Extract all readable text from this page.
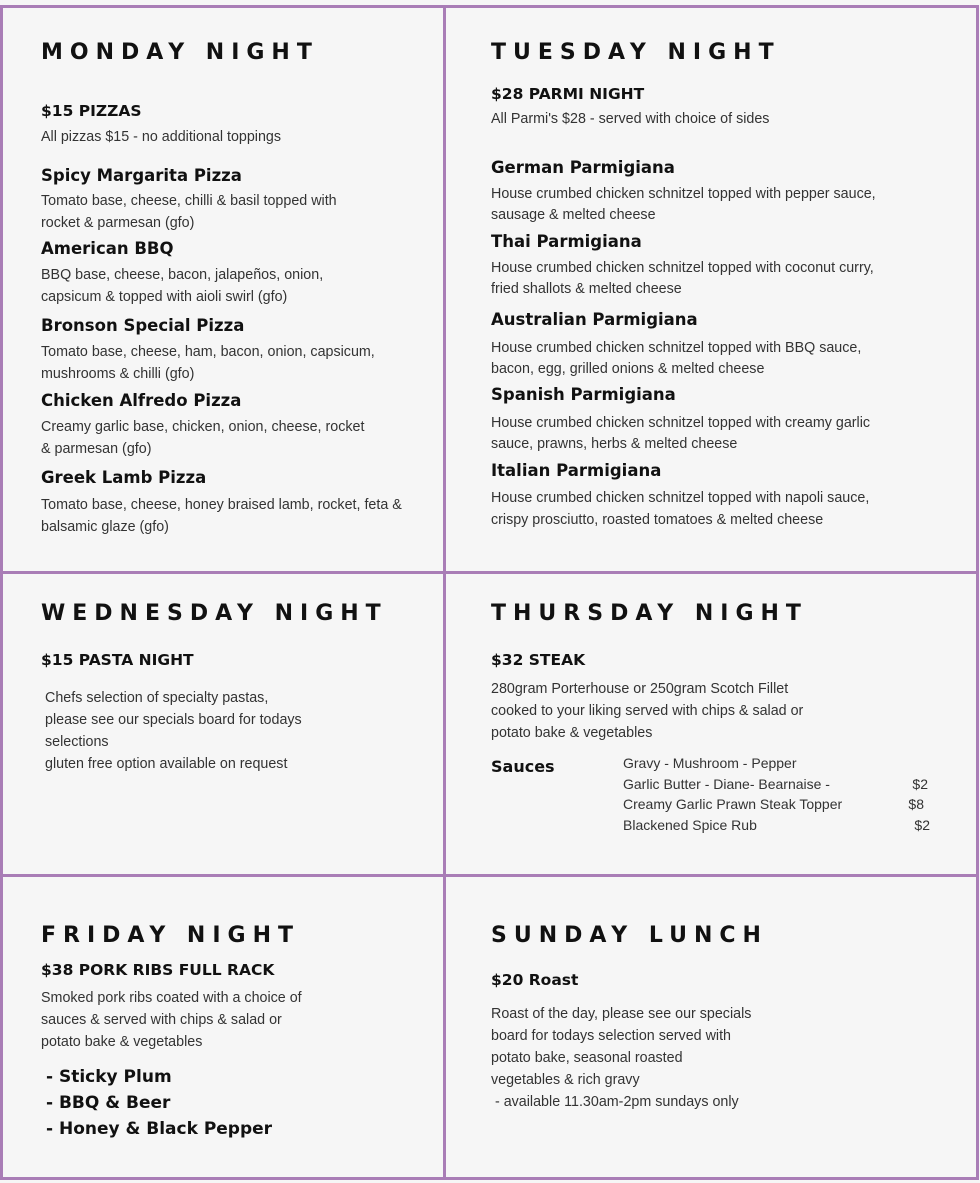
MONDAY NIGHT
$15 PIZZAS
All pizzas $15 - no additional toppings
Spicy Margarita Pizza
Tomato base, cheese, chilli & basil topped with
rocket & parmesan (gfo)
American BBQ
BBQ base, cheese, bacon, jalapeños, onion,
capsicum & topped with aioli swirl (gfo)
Bronson Special Pizza
Tomato base, cheese, ham, bacon, onion, capsicum,
mushrooms & chilli (gfo)
Chicken Alfredo Pizza
Creamy garlic base, chicken, onion, cheese, rocket
& parmesan (gfo)
Greek Lamb Pizza
Tomato base, cheese, honey braised lamb, rocket, feta &
balsamic glaze (gfo)
TUESDAY NIGHT
$28 PARMI NIGHT
All Parmi's $28 - served with choice of sides
German Parmigiana
House crumbed chicken schnitzel topped with pepper sauce,
sausage & melted cheese
Thai Parmigiana
House crumbed chicken schnitzel topped with coconut curry,
fried shallots & melted cheese
Australian Parmigiana
House crumbed chicken schnitzel topped with BBQ sauce,
bacon, egg, grilled onions & melted cheese
Spanish Parmigiana
House crumbed chicken schnitzel topped with creamy garlic
sauce, prawns, herbs & melted cheese
Italian Parmigiana
House crumbed chicken schnitzel topped with napoli sauce,
crispy prosciutto, roasted tomatoes & melted cheese
WEDNESDAY NIGHT
$15 PASTA NIGHT
Chefs selection of specialty pastas,
please see our specials board for todays
selections
gluten free option available on request
THURSDAY NIGHT
$32 STEAK
280gram Porterhouse or 250gram Scotch Fillet
cooked to your liking served with chips & salad or
potato bake & vegetables
Sauces	Gravy - Mushroom - Pepper
Garlic Butter - Diane- Bearnaise -	$2
Creamy Garlic Prawn Steak Topper	$8
Blackened Spice Rub	$2
FRIDAY NIGHT
$38 PORK RIBS FULL RACK
Smoked pork ribs coated with a choice of
sauces & served with chips & salad or
potato bake & vegetables
- Sticky Plum
- BBQ & Beer
- Honey & Black Pepper
SUNDAY LUNCH
$20 Roast
Roast of the day, please see our specials
board for todays selection served with
potato bake, seasonal roasted
vegetables & rich gravy
- available 11.30am-2pm sundays only
